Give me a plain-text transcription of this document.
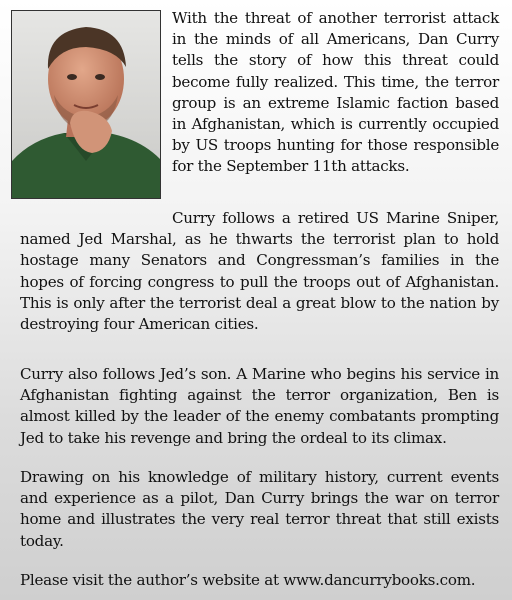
With the threat of another terrorist attack in the minds of all Americans, Dan Curry tells the story of how this threat could become fully realized. This time, the terror group is an extreme Islamic faction based in Afghanistan, which is currently occupied by US troops hunting for those responsible for the September 11th attacks.
Curry follows a retired US Marine Sniper, named Jed Marshal, as he thwarts the terrorist plan to hold hostage many Senators and Congressman’s families in the hopes of forcing congress to pull the troops out of Afghanistan. This is only after the terrorist deal a great blow to the nation by destroying four American cities.
Curry also follows Jed’s son. A Marine who begins his service in Afghanistan fighting against the terror organization, Ben is almost killed by the leader of the enemy combatants prompting Jed to take his revenge and bring the ordeal to its climax.
Drawing on his knowledge of military history, current events and experience as a pilot, Dan Curry brings the war on terror home and illustrates the very real terror threat that still exists today.
Please visit the author’s website at www.dancurrybooks.com.
